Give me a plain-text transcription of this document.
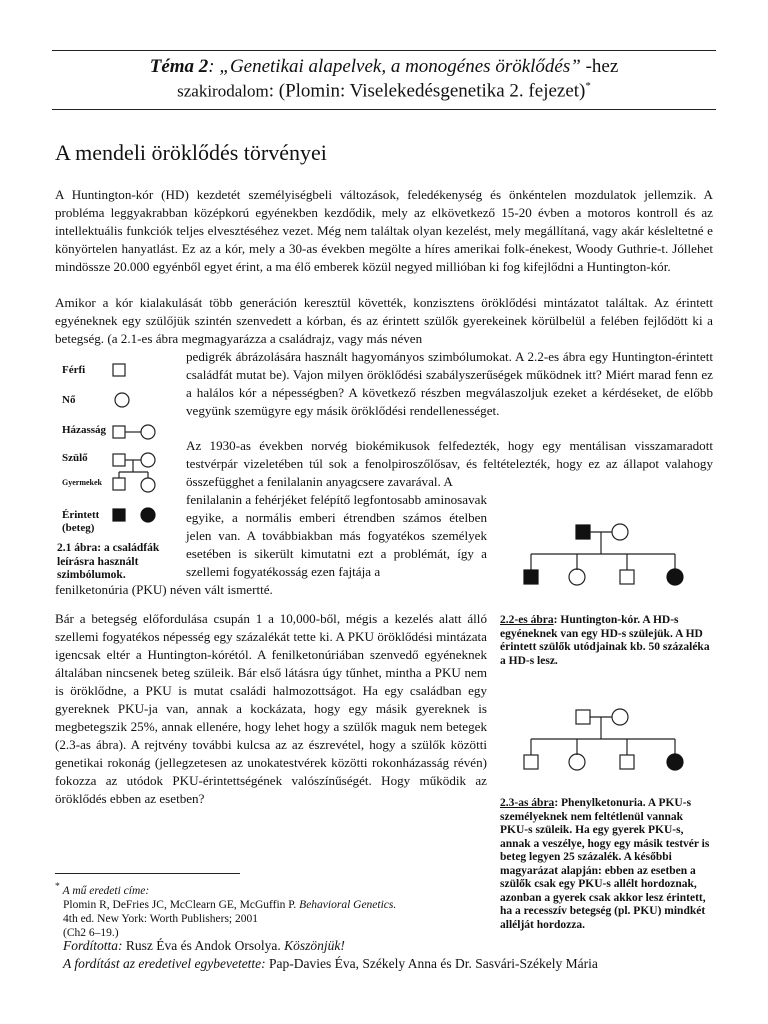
Téma 2: „Genetikai alapelvek, a monogénes öröklődés” -hez
szakirodalom: (Plomin: Viselekedésgenetika 2. fejezet)*
A mendeli öröklődés törvényei

A Huntington-kór (HD) kezdetét személyiségbeli változások, feledékenység és önkéntelen mozdulatok jellemzik. A probléma leggyakrabban középkorú egyénekben kezdődik, mely az elkövetkező 15-20 évben a motoros kontroll és az intellektuális funkciók teljes elvesztéséhez vezet. Még nem találtak olyan kezelést, mely megállítaná, vagy akár késleltetné e könyörtelen hanyatlást. Ez az a kór, mely a 30-as években megölte a híres amerikai folk-énekest, Woody Guthrie-t. Jóllehet mindössze 20.000 egyénből egyet érint, a ma élő emberek közül negyed millióban ki fog kifejlődni a Huntington-kór.

Amikor a kór kialakulását több generáción keresztül követték, konzisztens öröklődési mintázatot találtak. Az érintett egyéneknek egy szülőjük szintén szenvedett a kórban, és az érintett szülők gyerekeinek körülbelül a felében fejlődött ki a betegség. (a 2.1-es ábra megmagyarázza a családrajz, vagy más néven

pedigrék ábrázolására használt hagyományos szimbólumokat. A 2.2-es ábra egy Huntington-érintett családfát mutat be). Vajon milyen öröklődési szabályszerűségek működnek itt? Miért marad fenn ez a halálos kór a népességben? A következő részben megválaszoljuk ezeket a kérdéseket, de előbb vegyünk szemügyre egy másik öröklődési rendellenességet.

Férfi
Nő
Házasság
Szülő
Gyermekek
Érintett
(beteg)

2.1 ábra: a családfák leírásra használt szimbólumok.

Az 1930-as években norvég biokémikusok felfedezték, hogy egy mentálisan visszamaradott testvérpár vizeletében túl sok a fenolpiroszőlősav, és feltételezték, hogy ez az állapot valahogy összefügghet a fenilalanin anyagcsere zavarával. A

fenilalanin a fehérjéket felépítő legfontosabb aminosavak egyike, a normális emberi étrendben számos ételben jelen van. A továbbiakban más fogyatékos személyek esetében is sikerült kimutatni ezt a problémát, így a szellemi fogyatékosság ezen fajtája a

fenilketonúria (PKU) néven vált ismertté.

2.2-es ábra: Huntington-kór. A HD-s egyéneknek van egy HD-s szülejük. A HD érintett szülők utódjainak kb. 50 százaléka a HD-s lesz.

2.3-as ábra: Phenylketonuria. A PKU-s személyeknek nem feltétlenül vannak PKU-s szüleik. Ha egy gyerek PKU-s, annak a veszélye, hogy egy másik testvér is beteg legyen 25 százalék. A későbbi magyarázat alapján: ebben az esetben a szülők csak egy PKU-s allélt hordoznak, azonban a gyerek csak akkor lesz érintett, ha a recesszív betegség (pl. PKU) mindkét allélját hordozza.

Bár a betegség előfordulása csupán 1 a 10,000-ből, mégis a kezelés alatt álló szellemi fogyatékos népesség egy százalékát tette ki. A PKU öröklődési mintázata igencsak eltér a Huntington-kórétól. A fenilketonúriában szenvedő egyéneknek általában nincsenek beteg szüleik. Bár első látásra úgy tűnhet, mintha a PKU nem is öröklődne, a PKU is mutat családi halmozottságot. Ha egy családban egy gyereknek PKU-ja van, annak a kockázata, hogy egy másik gyereknek is megbetegszik 25%, annak ellenére, hogy lehet hogy a szülők maguk nem betegek (2.3-as ábra). A rejtvény további kulcsa az az észrevétel, hogy a szülők közötti genetikai rokonág (jellegzetesen az unokatestvérek közötti rokonházasság révén) fokozza az utódok PKU-érintettségének valószínűségét. Hogy működik az öröklődés ebben az esetben?

* A mű eredeti címe:
Plomin R, DeFries JC, McClearn GE, McGuffin P. Behavioral Genetics.
4th ed. New York: Worth Publishers; 2001
(Ch2 6–19.)
Fordította: Rusz Éva és Andok Orsolya. Köszönjük!
A fordítást az eredetivel egybevetette: Pap-Davies Éva, Székely Anna és Dr. Sasvári-Székely Mária
